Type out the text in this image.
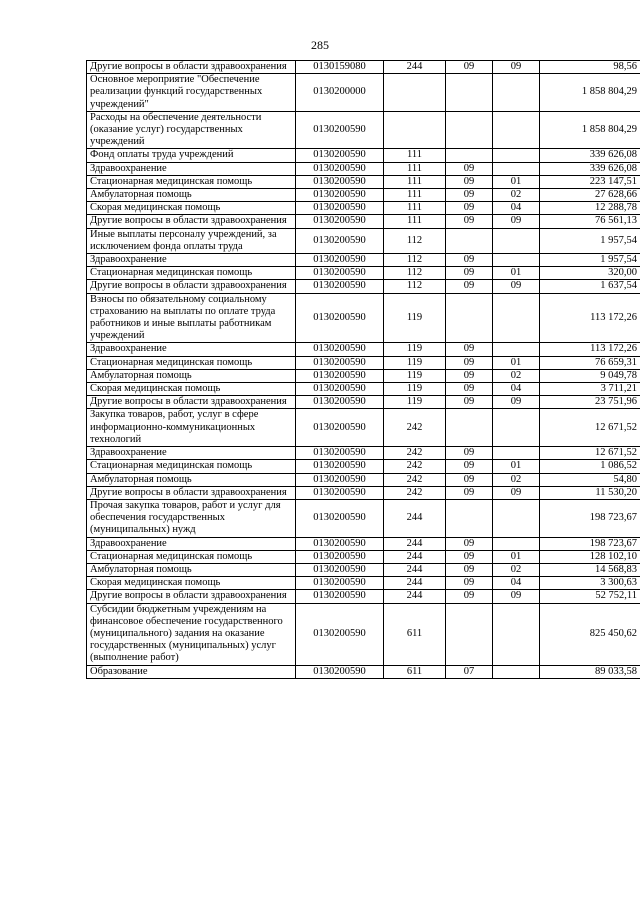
285
Другие вопросы в области здравоохранения	0130159080	244	09	09	98,56
Основное мероприятие "Обеспечение реализации функций государственных учреждений"	0130200000				1 858 804,29
Расходы на обеспечение деятельности (оказание услуг) государственных учреждений	0130200590				1 858 804,29
Фонд оплаты труда учреждений	0130200590	111			339 626,08
Здравоохранение	0130200590	111	09		339 626,08
Стационарная медицинская помощь	0130200590	111	09	01	223 147,51
Амбулаторная помощь	0130200590	111	09	02	27 628,66
Скорая медицинская помощь	0130200590	111	09	04	12 288,78
Другие вопросы в области здравоохранения	0130200590	111	09	09	76 561,13
Иные выплаты персоналу учреждений, за исключением фонда оплаты труда	0130200590	112			1 957,54
Здравоохранение	0130200590	112	09		1 957,54
Стационарная медицинская помощь	0130200590	112	09	01	320,00
Другие вопросы в области здравоохранения	0130200590	112	09	09	1 637,54
Взносы по обязательному социальному страхованию на выплаты по оплате труда работников и иные выплаты работникам учреждений	0130200590	119			113 172,26
Здравоохранение	0130200590	119	09		113 172,26
Стационарная медицинская помощь	0130200590	119	09	01	76 659,31
Амбулаторная помощь	0130200590	119	09	02	9 049,78
Скорая медицинская помощь	0130200590	119	09	04	3 711,21
Другие вопросы в области здравоохранения	0130200590	119	09	09	23 751,96
Закупка товаров, работ, услуг в сфере информационно-коммуникационных технологий	0130200590	242			12 671,52
Здравоохранение	0130200590	242	09		12 671,52
Стационарная медицинская помощь	0130200590	242	09	01	1 086,52
Амбулаторная помощь	0130200590	242	09	02	54,80
Другие вопросы в области здравоохранения	0130200590	242	09	09	11 530,20
Прочая закупка товаров, работ и услуг для обеспечения государственных (муниципальных) нужд	0130200590	244			198 723,67
Здравоохранение	0130200590	244	09		198 723,67
Стационарная медицинская помощь	0130200590	244	09	01	128 102,10
Амбулаторная помощь	0130200590	244	09	02	14 568,83
Скорая медицинская помощь	0130200590	244	09	04	3 300,63
Другие вопросы в области здравоохранения	0130200590	244	09	09	52 752,11
Субсидии бюджетным учреждениям на финансовое обеспечение государственного (муниципального) задания на оказание государственных (муниципальных) услуг (выполнение работ)	0130200590	611			825 450,62
Образование	0130200590	611	07		89 033,58
